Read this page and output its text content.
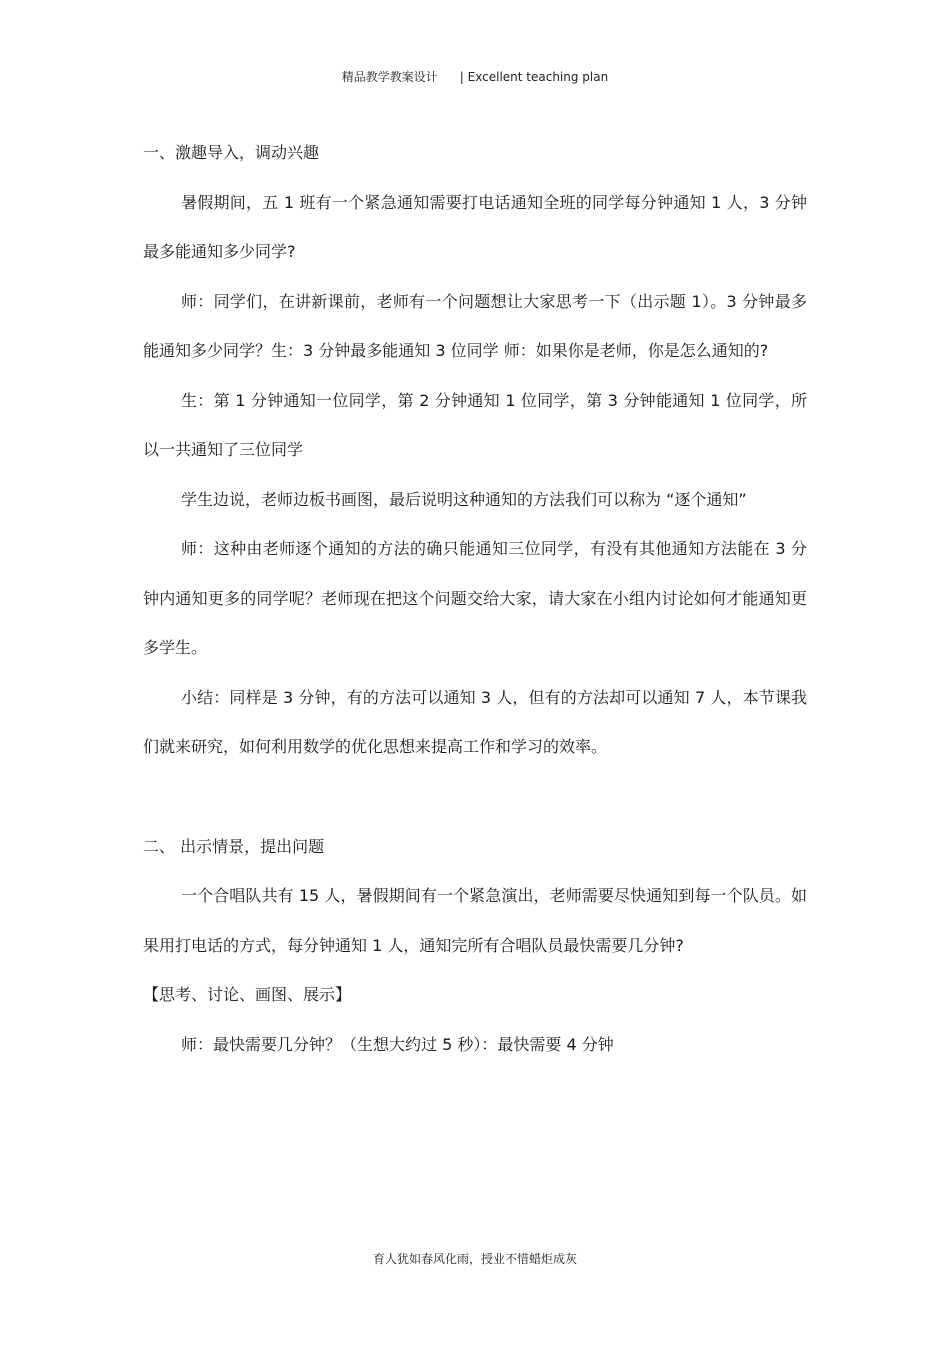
精品教学教案设计 | Excellent teaching plan

一、激趣导入，调动兴趣

暑假期间，五 1 班有一个紧急通知需要打电话通知全班的同学每分钟通知 1 人，3 分钟最多能通知多少同学?

师：同学们，在讲新课前，老师有一个问题想让大家思考一下（出示题 1）。3 分钟最多能通知多少同学？生：3 分钟最多能通知 3 位同学 师：如果你是老师，你是怎么通知的?

生：第 1 分钟通知一位同学，第 2 分钟通知 1 位同学，第 3 分钟能通知 1 位同学，所以一共通知了三位同学

学生边说，老师边板书画图，最后说明这种通知的方法我们可以称为 “逐个通知”

师：这种由老师逐个通知的方法的确只能通知三位同学，有没有其他通知方法能在 3 分钟内通知更多的同学呢？老师现在把这个问题交给大家，请大家在小组内讨论如何才能通知更多学生。

小结：同样是 3 分钟，有的方法可以通知 3 人，但有的方法却可以通知 7 人，本节课我们就来研究，如何利用数学的优化思想来提高工作和学习的效率。

二、 出示情景，提出问题

一个合唱队共有 15 人，暑假期间有一个紧急演出，老师需要尽快通知到每一个队员。如果用打电话的方式，每分钟通知 1 人，通知完所有合唱队员最快需要几分钟?

【思考、讨论、画图、展示】

师：最快需要几分钟？（生想大约过 5 秒）：最快需要 4 分钟

育人犹如春风化雨，授业不惜蜡炬成灰
